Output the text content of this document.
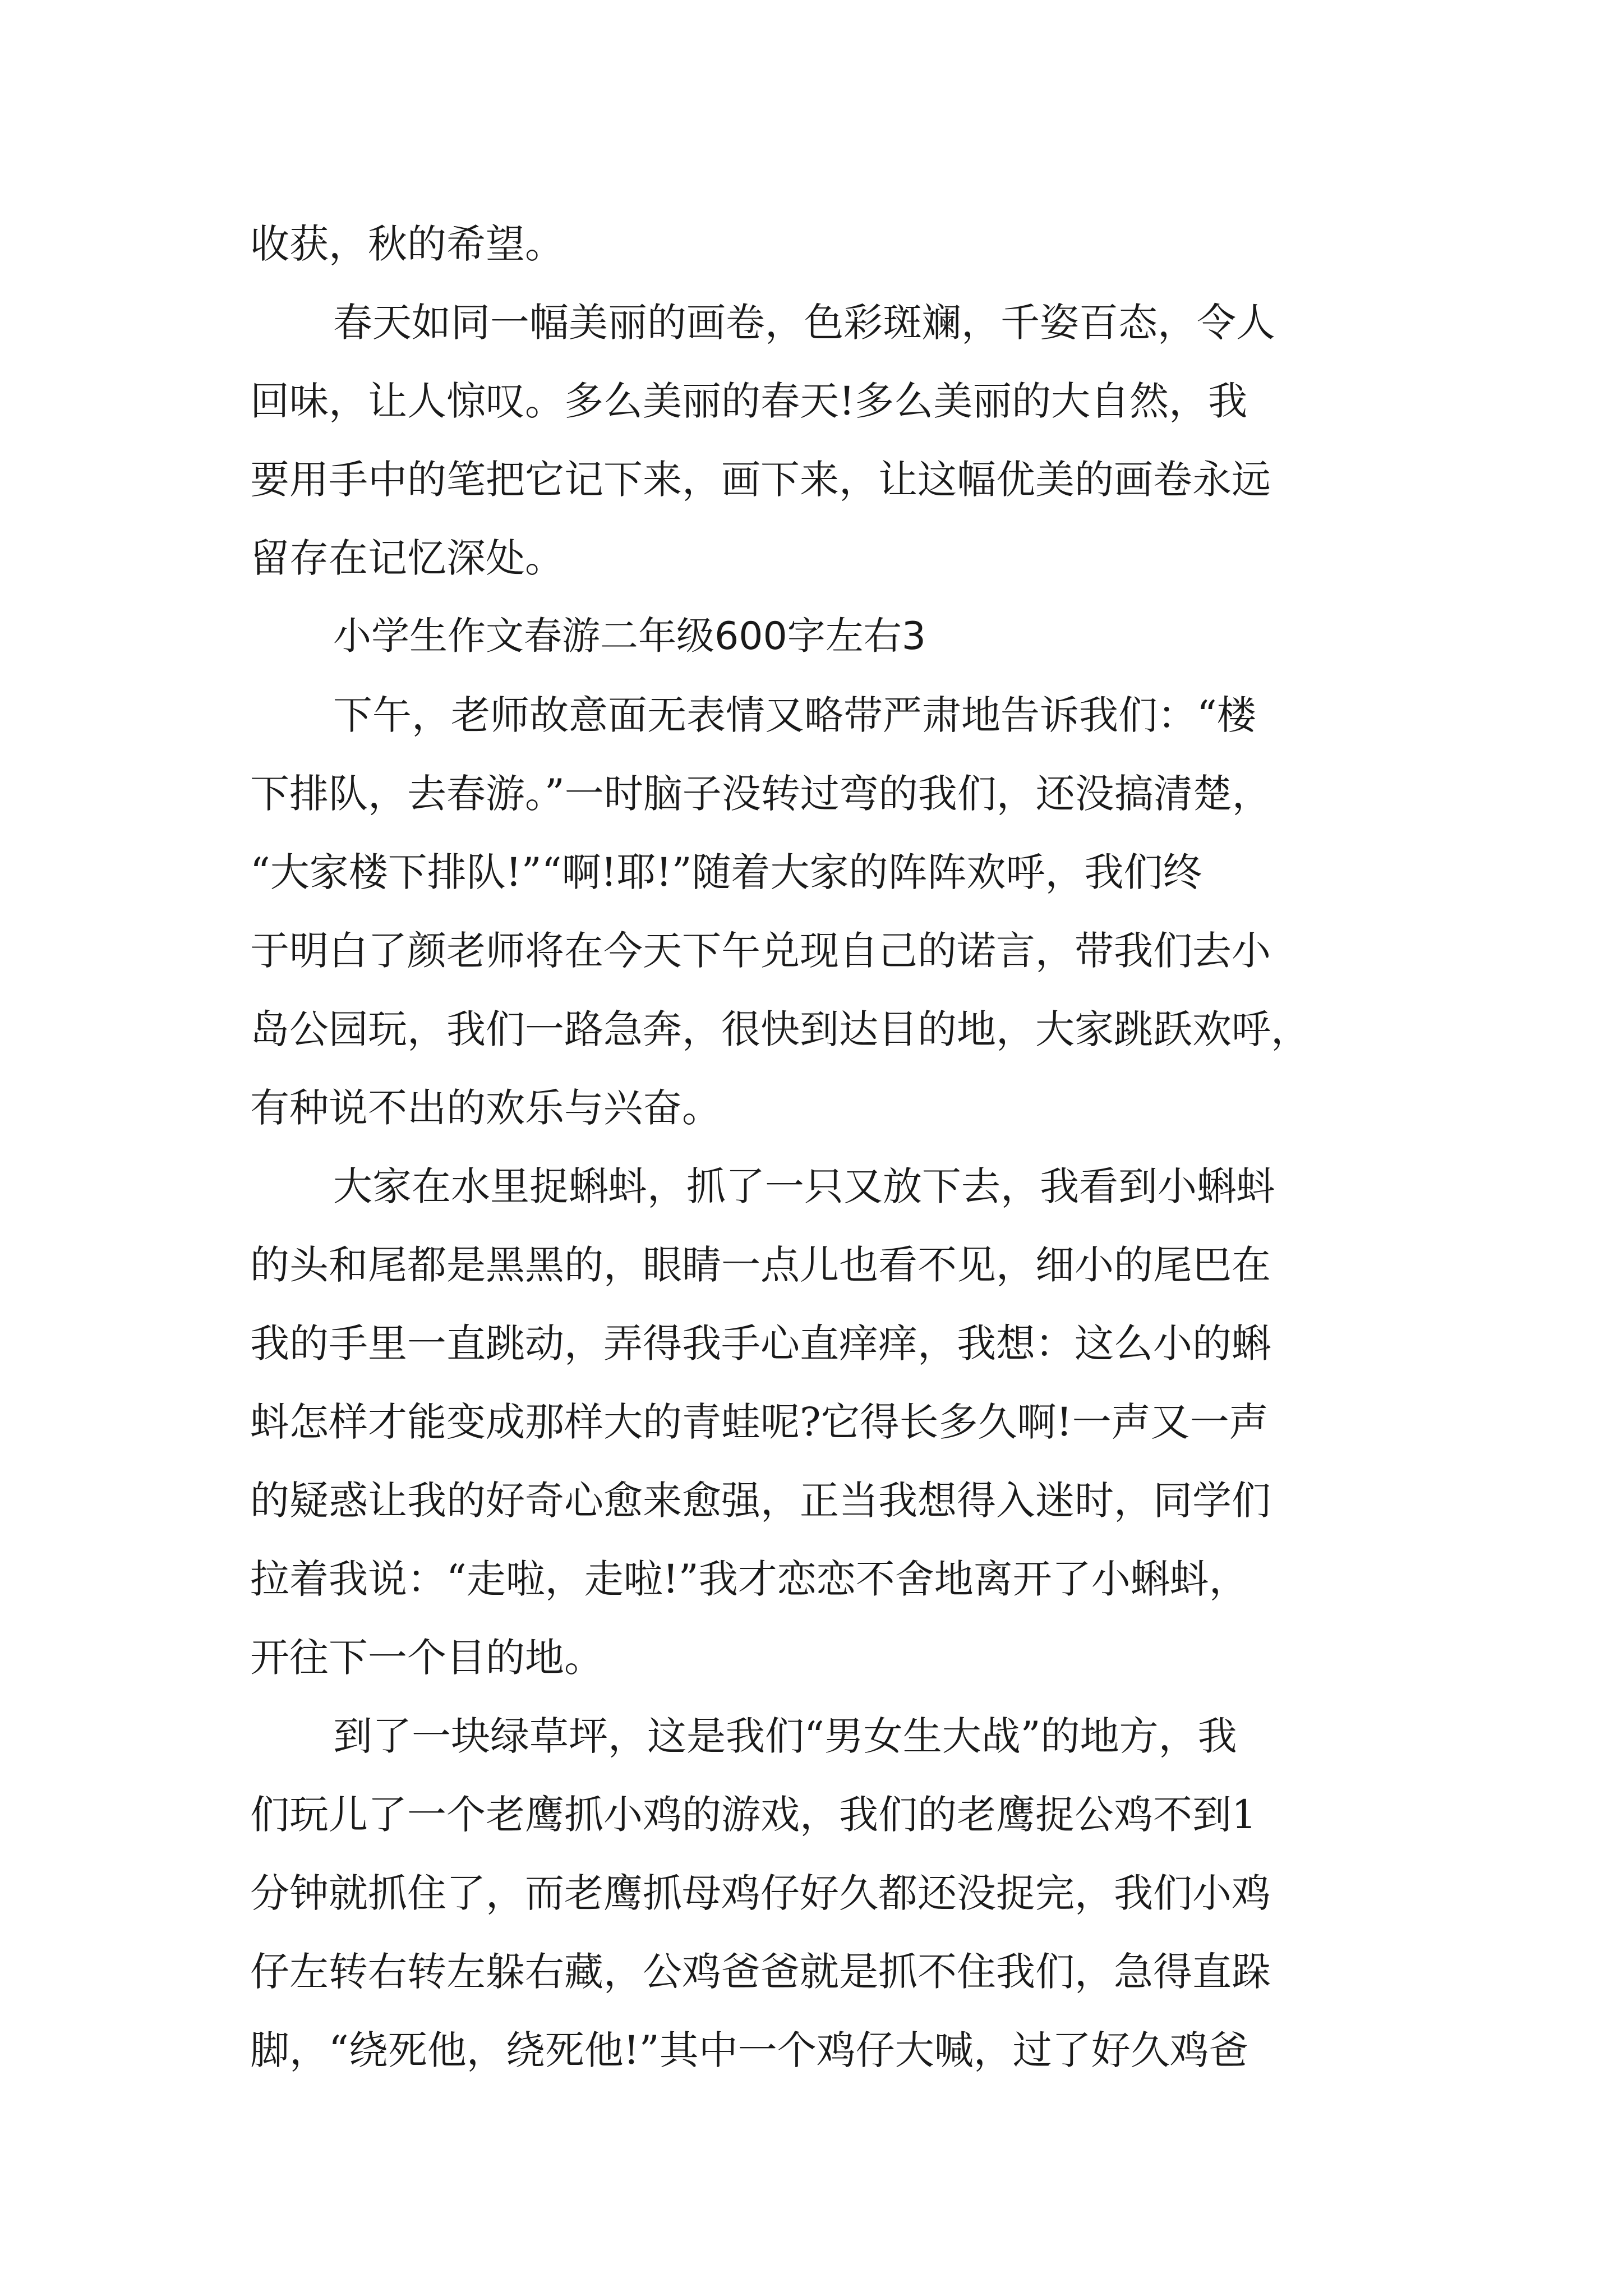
收获，秋的希望。
春天如同一幅美丽的画卷，色彩斑斓，千姿百态，令人
回味，让人惊叹。多么美丽的春天!多么美丽的大自然，我
要用手中的笔把它记下来，画下来，让这幅优美的画卷永远
留存在记忆深处。
小学生作文春游二年级600字左右3
下午，老师故意面无表情又略带严肃地告诉我们：“楼
下排队，去春游。”一时脑子没转过弯的我们，还没搞清楚，
“大家楼下排队!”“啊!耶!”随着大家的阵阵欢呼，我们终
于明白了颜老师将在今天下午兑现自己的诺言，带我们去小
岛公园玩，我们一路急奔，很快到达目的地，大家跳跃欢呼，
有种说不出的欢乐与兴奋。
大家在水里捉蝌蚪，抓了一只又放下去，我看到小蝌蚪
的头和尾都是黑黑的，眼睛一点儿也看不见，细小的尾巴在
我的手里一直跳动，弄得我手心直痒痒，我想：这么小的蝌
蚪怎样才能变成那样大的青蛙呢?它得长多久啊!一声又一声
的疑惑让我的好奇心愈来愈强，正当我想得入迷时，同学们
拉着我说：“走啦，走啦!”我才恋恋不舍地离开了小蝌蚪，
开往下一个目的地。
到了一块绿草坪，这是我们“男女生大战”的地方，我
们玩儿了一个老鹰抓小鸡的游戏，我们的老鹰捉公鸡不到1
分钟就抓住了，而老鹰抓母鸡仔好久都还没捉完，我们小鸡
仔左转右转左躲右藏，公鸡爸爸就是抓不住我们，急得直跺
脚，“绕死他，绕死他!”其中一个鸡仔大喊，过了好久鸡爸
